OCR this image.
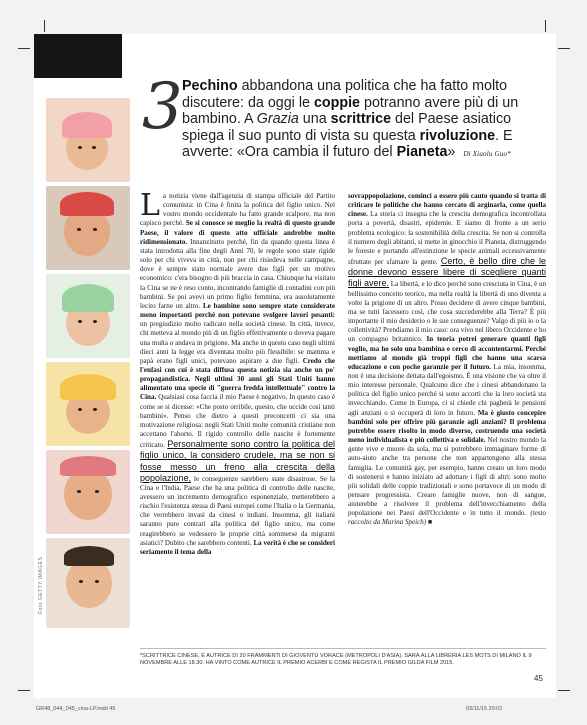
Foto GETTY IMAGES
3 Pechino abbandona una politica che ha fatto molto discutere: da oggi le coppie potranno avere più di un bambino. A Grazia una scrittrice del Paese asiatico spiega il suo punto di vista su questa rivoluzione. E avverte: «Ora cambia il futuro del Pianeta» Di Xiaolu Guo*
La notizia viene dall'agenzia di stampa ufficiale del Partito comunista: in Cina è finita la politica del figlio unico. Nel vostro mondo occidentale ha fatto grande scalpore, ma non capisco perché. Se si conosce se meglio la realtà di questo grande Paese, il valore di questo atto ufficiale andrebbe molto ridimensionato. Innanzitutto perché, fin da quando questa linea è stata introdotta alla fine degli Anni 70, le regole sono state rigide solo per chi viveva in città, non per chi risiedeva nelle campagne, dove è sempre stato normale avere due figli per un motivo economico: c'era bisogno di più braccia in casa. Chiunque ha visitato la Cina se ne è reso conto, incontrando famiglie di contadini con più bambini. Se poi avevi un primo figlio femmina, era assolutamente lecito farne un altro. Le bambine sono sempre state considerate meno importanti perché non potevano svolgere lavori pesanti: un pregiudizio molto radicato nella società cinese. In città, invece, chi metteva al mondo più di un figlio effettivamente o doveva pagare una multa o andava in prigione. Ma anche in questo caso negli ultimi dieci anni la legge era diventata molto più flessibile: se mamma e papà erano figli unici, potevano aspirare a due figli. Credo che l'enfasi con cui è stata diffusa questa notizia sia anche un po' propagandistica. Negli ultimi 30 anni gli Stati Uniti hanno alimentato una specie di "guerra fredda intellettuale" contro la Cina. Qualsiasi cosa faccia il mio Paese è negativo. In questo caso è come se si dicesse: «Che posto orribile, questo, che uccide così tanti bambini». Penso che dietro a questi preconcetti ci sia una motivazione religiosa: negli Stati Uniti molte comunità cristiane non accettano l'aborto. Il rigido controllo delle nascite è fortemente criticato. Personalmente sono contro la politica del figlio unico, la considero crudele, ma se non si fosse messo un freno alla crescita della popolazione, le conseguenze sarebbero state disastrose. Se la Cina e l'India, Paese che ha una politica di controllo delle nascite, avessero un incremento demografico esponenziale, metterebbero a rischio l'esistenza stessa di Paesi europei come l'Italia o la Germania, che verrebbero invasi da cinesi o indiani. Insomma, gli italiani saranno pure contrari alla politica del figlio unico, ma come reagirebbero se vedessero le proprie città sommerse da migranti asiatici? Dubito che sarebbero contenti. La verità è che se consideri seriamente il tema della
sovrappopolazione, cominci a essere più cauto quando si tratta di criticare le politiche che hanno cercato di arginarla, come quella cinese. La storia ci insegna che la crescita demografica incontrollata porta a povertà, disastri, epidemie. E siamo di fronte a un serio problema ecologico: la sostenibilità della crescita. Se non si controlla il numero degli abitanti, si mette in ginocchio il Pianeta, distruggendo le foreste e portando all'estinzione le specie animali eccessivamente sfruttate per sfamare la gente. Certo, è bello dire che le donne devono essere libere di scegliere quanti figli avere. La libertà, e lo dico perché sono cresciuta in Cina, è un bellissimo concetto teorico, ma nella realtà la libertà di uno diventa a volte la prigione di un altro. Posso decidere di avere cinque bambini, ma se tutti facessero così, che cosa succederebbe alla Terra? È più importante il mio desiderio o le sue conseguenze? Valgo di più io o la collettività? Prendiamo il mio caso: ora vivo nel libero Occidente e ho un compagno britannico. In teoria potrei generare quanti figli voglio, ma ho solo una bambina e cerco di accontentarmi. Perché mettiamo al mondo già troppi figli che hanno una scarsa educazione e con poche garanzie per il futuro. La mia, insomma, non è una decisione dettata dall'egoismo. È una visione che va oltre il mio interesse personale. Qualcuno dice che i cinesi abbandonano la politica del figlio unico perché si sono accorti che la loro società sta invecchiando. Come in Europa, ci si chiede chi pagherà le pensioni agli anziani o si occuperà di loro in futuro. Ma è giusto concepire bambini solo per offrire più garanzie agli anziani? Il problema potrebbe essere risolto in modo diverso, costruendo una società meno individualista e più collettiva e solidale. Nel nostro mondo la gente vive e muore da sola, ma si potrebbero immaginare forme di auto-aiuto anche tra persone che non appartengono alla stessa famiglia. Le comunità gay, per esempio, hanno creato un loro modo di sostenersi e hanno iniziato ad adottare i figli di altri: sono molto più solidali delle coppie tradizionali e sono portavoce di un modo di pensare progressista. Creare famiglie nuove, non di sangue, aiuterebbe a risolvere il problema dell'invecchiamento della popolazione nei Paesi dell'Occidente e in tutto il mondo. (testo raccolto da Marina Speich) ■
*SCRITTRICE CINESE, È AUTRICE DI 20 FRAMMENTI DI GIOVENTÙ VORACE (METROPOLI D'ASIA). SARÀ ALLA LIBRERIA LES MOTS DI MILANO IL 9 NOVEMBRE ALLE 18.30. HA VINTO COME AUTRICE IL PREMIO ACERBI E COME REGISTA IL PREMIO GILDA FILM 2015.
45
GR48_044_045_cina-LP.indd 45	03/11/15 20:02
